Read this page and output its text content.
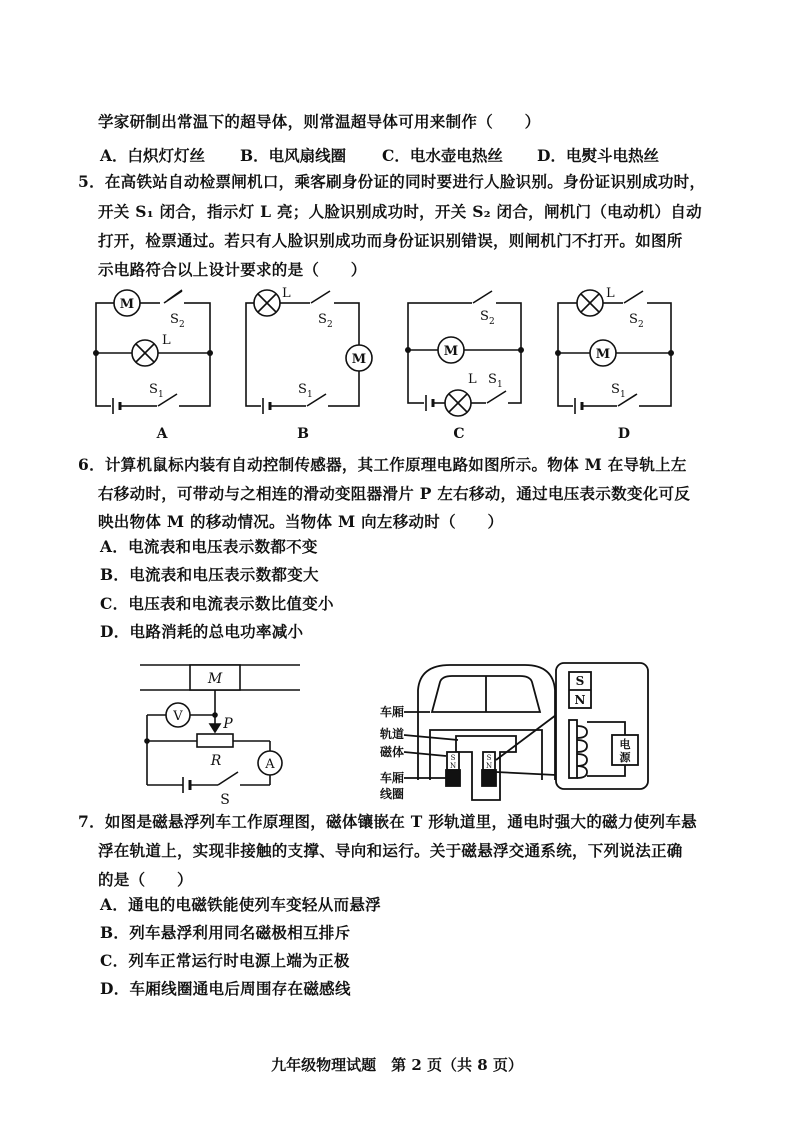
学家研制出常温下的超导体，则常温超导体可用来制作（　　）
A．白炽灯灯丝 B．电风扇线圈 C．电水壶电热丝 D．电熨斗电热丝
5．在高铁站自动检票闸机口，乘客刷身份证的同时要进行人脸识别。身份证识别成功时，
开关 S₁ 闭合，指示灯 L 亮；人脸识别成功时，开关 S₂ 闭合，闸机门（电动机）自动
打开，检票通过。若只有人脸识别成功而身份证识别错误，则闸机门不打开。如图所
示电路符合以上设计要求的是（　　）
M
M
M	M
L
L
L
L
S 2
S 1
S 2
S 1
S 2
S 1
S 2
S 1
A	B	C	D
6．计算机鼠标内装有自动控制传感器，其工作原理电路如图所示。物体 M 在导轨上左
右移动时，可带动与之相连的滑动变阻器滑片 P 左右移动，通过电压表示数变化可反
映出物体 M 的移动情况。当物体 M 向左移动时（　　）
A．电流表和电压表示数都不变
B．电流表和电压表示数都变大
C．电压表和电流表示数比值变小
D．电路消耗的总电功率减小
M
V	P
R	A
S
S
N
S
N
S
N
电
源
车厢
轨道
磁体
车厢
线圈
7．如图是磁悬浮列车工作原理图，磁体镶嵌在 T 形轨道里，通电时强大的磁力使列车悬
浮在轨道上，实现非接触的支撑、导向和运行。关于磁悬浮交通系统，下列说法正确
的是（　　）
A．通电的电磁铁能使列车变轻从而悬浮
B．列车悬浮利用同名磁极相互排斥
C．列车正常运行时电源上端为正极
D．车厢线圈通电后周围存在磁感线
九年级物理试题　第 2 页（共 8 页）
